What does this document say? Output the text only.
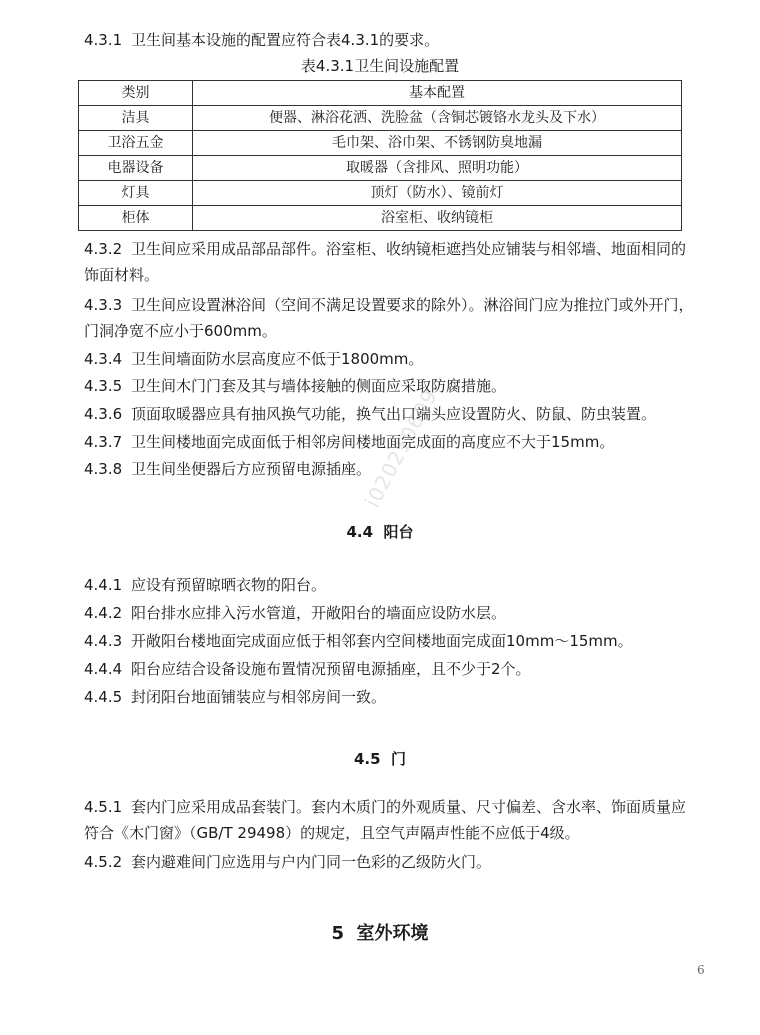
i020210609

4.3.1 卫生间基本设施的配置应符合表4.3.1的要求。

表4.3.1卫生间设施配置
类别	基本配置
洁具	便器、淋浴花洒、洗脸盆（含铜芯镀铬水龙头及下水）
卫浴五金	毛巾架、浴巾架、不锈钢防臭地漏
电器设备	取暖器（含排风、照明功能）
灯具	顶灯（防水）、镜前灯
柜体	浴室柜、收纳镜柜

4.3.2 卫生间应采用成品部品部件。浴室柜、收纳镜柜遮挡处应铺装与相邻墙、地面相同的饰面材料。

4.3.3 卫生间应设置淋浴间（空间不满足设置要求的除外）。淋浴间门应为推拉门或外开门，门洞净宽不应小于600mm。

4.3.4 卫生间墙面防水层高度应不低于1800mm。

4.3.5 卫生间木门门套及其与墙体接触的侧面应采取防腐措施。

4.3.6 顶面取暖器应具有抽风换气功能，换气出口端头应设置防火、防鼠、防虫装置。

4.3.7 卫生间楼地面完成面低于相邻房间楼地面完成面的高度应不大于15mm。

4.3.8 卫生间坐便器后方应预留电源插座。

4.4 阳台

4.4.1 应设有预留晾晒衣物的阳台。

4.4.2 阳台排水应排入污水管道，开敞阳台的墙面应设防水层。

4.4.3 开敞阳台楼地面完成面应低于相邻套内空间楼地面完成面10mm～15mm。

4.4.4 阳台应结合设备设施布置情况预留电源插座，且不少于2个。

4.4.5 封闭阳台地面铺装应与相邻房间一致。

4.5 门

4.5.1 套内门应采用成品套装门。套内木质门的外观质量、尺寸偏差、含水率、饰面质量应符合《木门窗》（GB/T 29498）的规定，且空气声隔声性能不应低于4级。

4.5.2 套内避难间门应选用与户内门同一色彩的乙级防火门。

5 室外环境
6
